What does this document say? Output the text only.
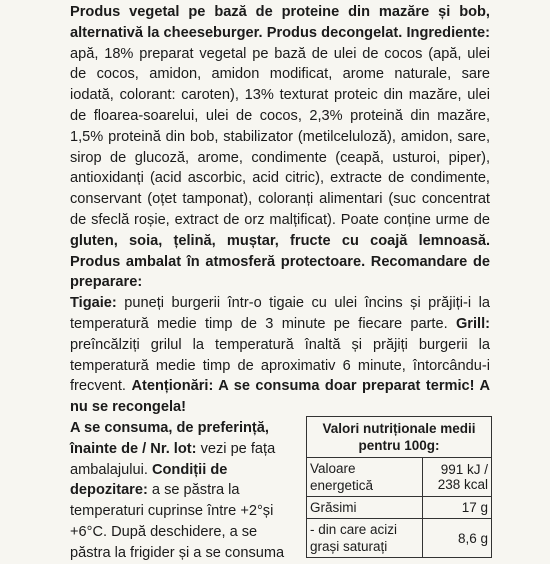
Produs vegetal pe bază de proteine din mazăre și bob, alternativă la cheeseburger. Produs decongelat. Ingrediente: apă, 18% preparat vegetal pe bază de ulei de cocos (apă, ulei de cocos, amidon, amidon modificat, arome naturale, sare iodată, colorant: caroten), 13% texturat proteic din mazăre, ulei de floarea-soarelui, ulei de cocos, 2,3% proteină din mazăre, 1,5% proteină din bob, stabilizator (metilceluloză), amidon, sare, sirop de glucoză, arome, condimente (ceapă, usturoi, piper), antioxidanți (acid ascorbic, acid citric), extracte de condimente, conservant (oțet tamponat), coloranți alimentari (suc concentrat de sfeclă roșie, extract de orz malțificat). Poate conține urme de gluten, soia, țelină, muștar, fructe cu coajă lemnoasă. Produs ambalat în atmosferă protectoare. Recomandare de preparare:
Tigaie: puneți burgerii într-o tigaie cu ulei încins și prăjiți-i la temperatură medie timp de 3 minute pe fiecare parte. Grill: preîncălziți grilul la temperatură înaltă și prăjiți burgerii la temperatură medie timp de aproximativ 6 minute, întorcându-i frecvent. Atenționări: A se consuma doar preparat termic! A nu se recongela!
A se consuma, de preferință, înainte de / Nr. lot: vezi pe fața ambalajului. Condiții de depozitare: a se păstra la temperaturi cuprinse între +2°și +6°C. După deschidere, a se păstra la frigider și a se consuma
Valori nutriționale medii pentru 100g:	
Valoare energetică	991 kJ / 238 kcal
Grăsimi	17 g
- din care acizi grași saturați	8,6 g
